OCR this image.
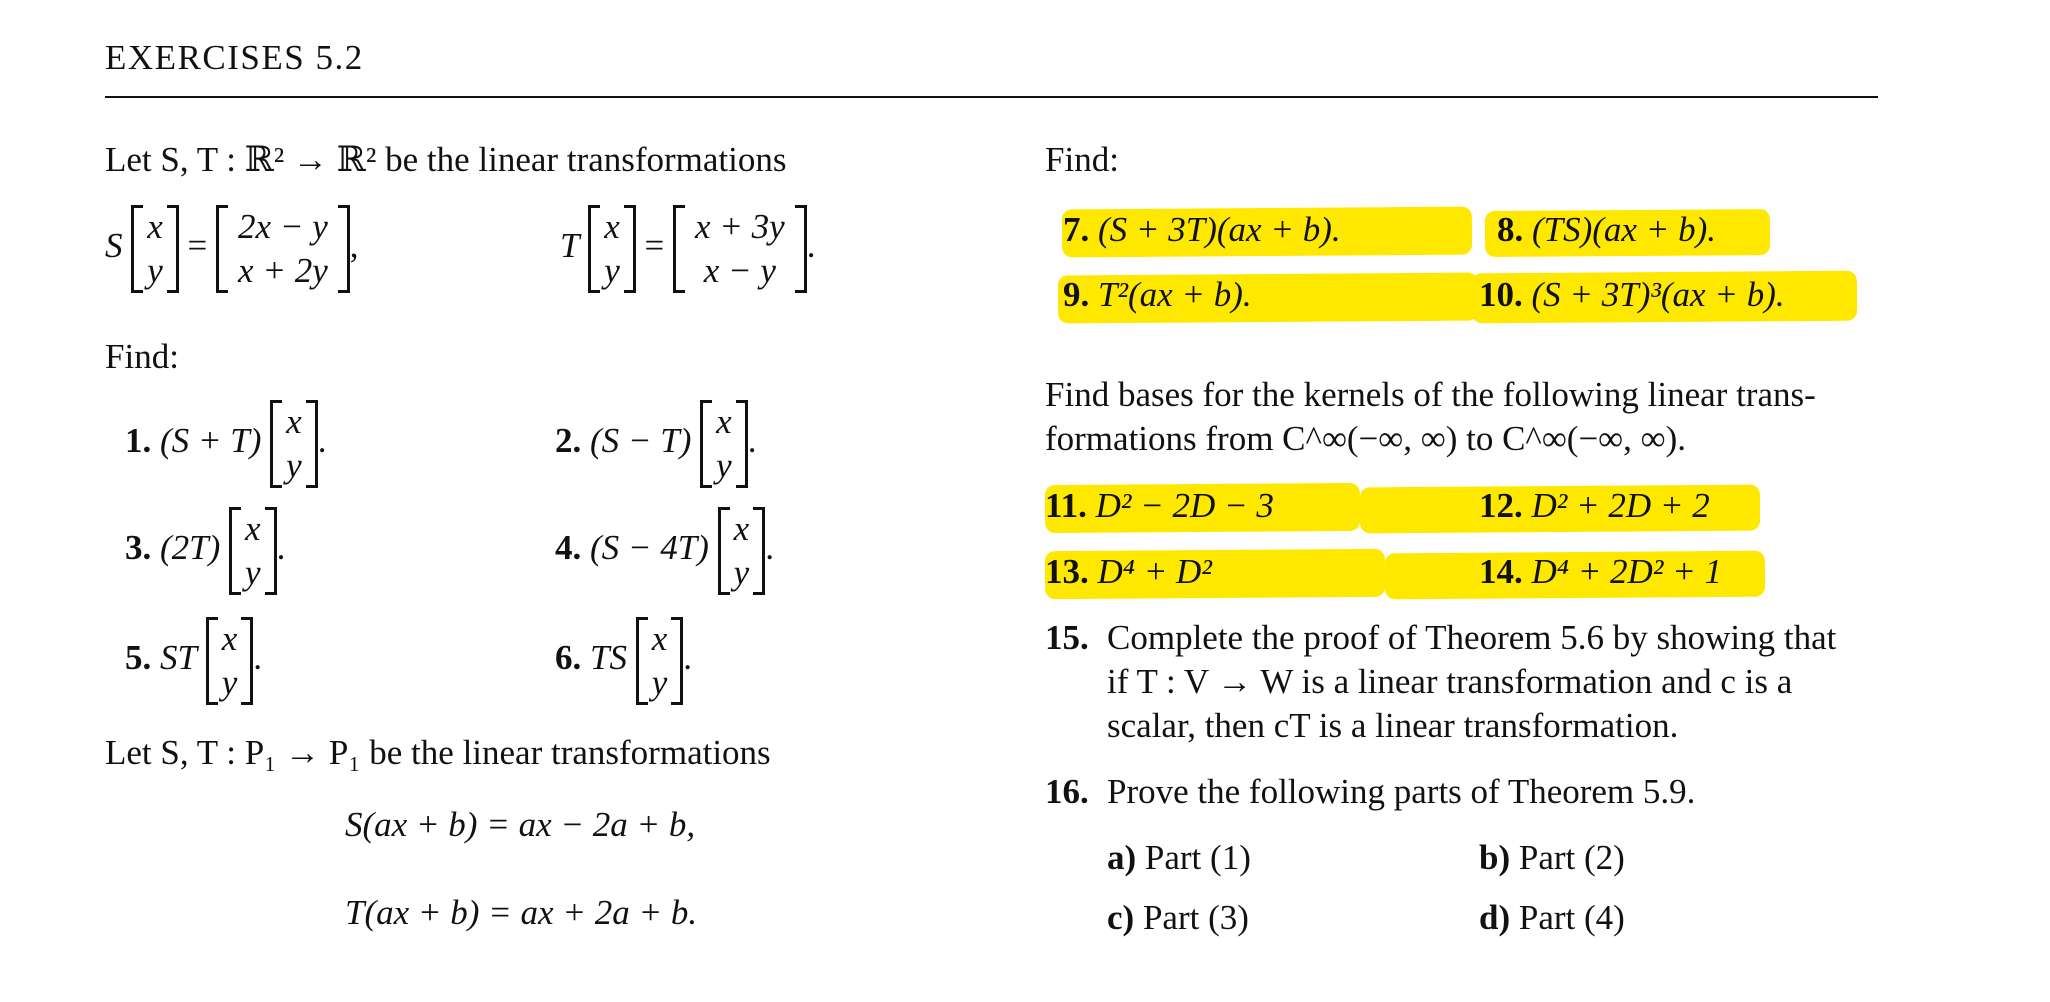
EXERCISES 5.2
Let S, T : ℝ² → ℝ² be the linear transformations
S x
y
= 2x − y
x + 2y
,	T x
y
= x + 3y
x − y
.
Find:
1. (S + T) x
y
.	2. (S − T) x
y
.
3. (2T) x
y
.	4. (S − 4T) x
y
.
5. ST x
y
.	6. TS x
y
.
Let S, T : P₁ → P₁ be the linear transformations
S(ax + b) = ax − 2a + b,
T(ax + b) = ax + 2a + b.
Find:
7. (S + 3T)(ax + b).	8. (TS)(ax + b).
9. T²(ax + b).	10. (S + 3T)³(ax + b).
Find bases for the kernels of the following linear trans-
formations from C^∞(−∞, ∞) to C^∞(−∞, ∞).
11. D² − 2D − 3	12. D² + 2D + 2
13. D⁴ + D²	14. D⁴ + 2D² + 1
15. Complete the proof of Theorem 5.6 by showing that
if T : V → W is a linear transformation and c is a
scalar, then cT is a linear transformation.
16. Prove the following parts of Theorem 5.9.
a) Part (1)	b) Part (2)
c) Part (3)	d) Part (4)
